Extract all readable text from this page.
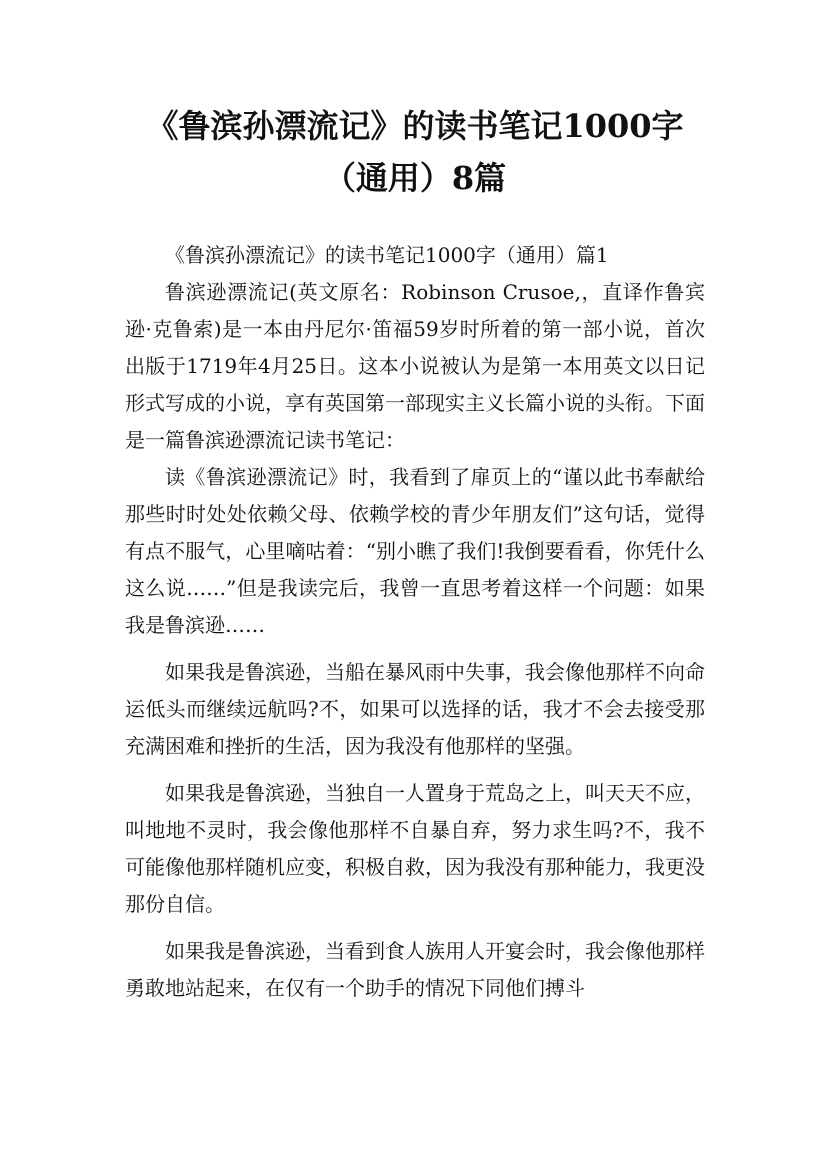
《鲁滨孙漂流记》的读书笔记1000字（通用）8篇

《鲁滨孙漂流记》的读书笔记1000字（通用）篇1

鲁滨逊漂流记(英文原名：Robinson Crusoe,，直译作鲁宾逊·克鲁索)是一本由丹尼尔·笛福59岁时所着的第一部小说，首次出版于1719年4月25日。这本小说被认为是第一本用英文以日记形式写成的小说，享有英国第一部现实主义长篇小说的头衔。下面是一篇鲁滨逊漂流记读书笔记：

读《鲁滨逊漂流记》时，我看到了扉页上的“谨以此书奉献给那些时时处处依赖父母、依赖学校的青少年朋友们”这句话，觉得有点不服气，心里嘀咕着：“别小瞧了我们!我倒要看看，你凭什么这么说……”但是我读完后，我曾一直思考着这样一个问题：如果我是鲁滨逊……

如果我是鲁滨逊，当船在暴风雨中失事，我会像他那样不向命运低头而继续远航吗?不，如果可以选择的话，我才不会去接受那充满困难和挫折的生活，因为我没有他那样的坚强。

如果我是鲁滨逊，当独自一人置身于荒岛之上，叫天天不应，叫地地不灵时，我会像他那样不自暴自弃，努力求生吗?不，我不可能像他那样随机应变，积极自救，因为我没有那种能力，我更没那份自信。

如果我是鲁滨逊，当看到食人族用人开宴会时，我会像他那样勇敢地站起来，在仅有一个助手的情况下同他们搏斗
